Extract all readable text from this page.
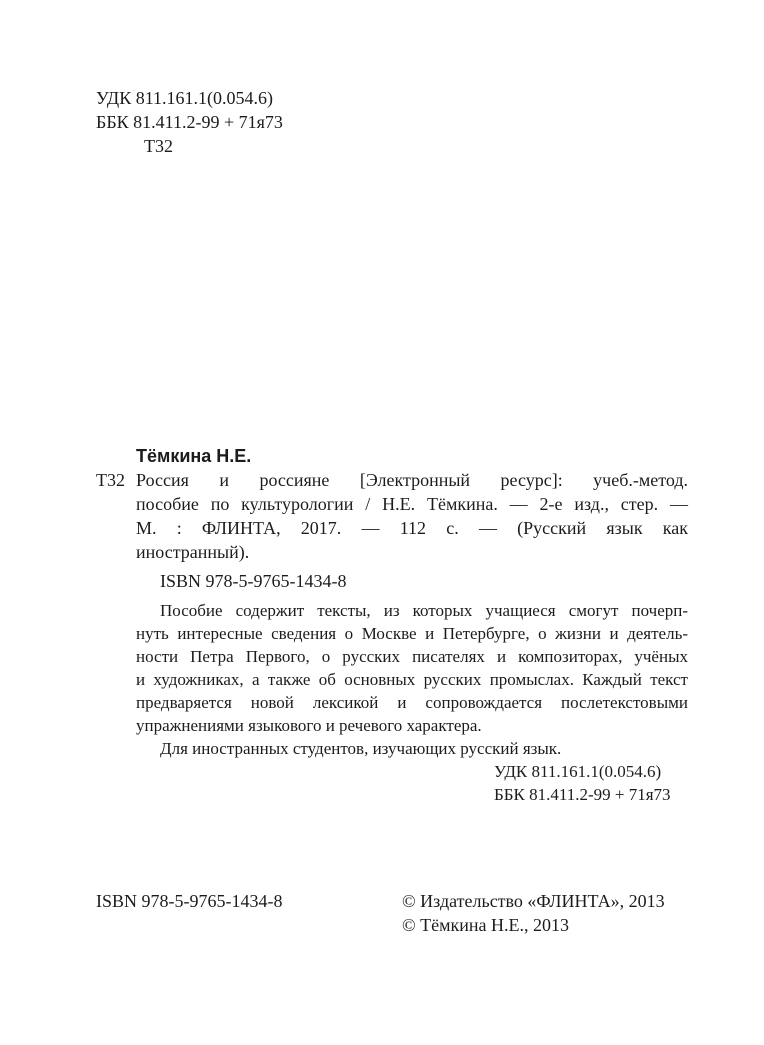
УДК 811.161.1(0.054.6)
ББК 81.411.2-99 + 71я73
Т32
Тёмкина Н.Е.
Т32 Россия и россияне [Электронный ресурс]: учеб.-метод.
пособие по культурологии / Н.Е. Тёмкина. — 2-е изд., стер. —
М. : ФЛИНТА, 2017. — 112 с. — (Русский язык как
иностранный).
ISBN 978-5-9765-1434-8
Пособие содержит тексты, из которых учащиеся смогут почерп-
нуть интересные сведения о Москве и Петербурге, о жизни и деятель-
ности Петра Первого, о русских писателях и композиторах, учёных
и художниках, а также об основных русских промыслах. Каждый текст
предваряется новой лексикой и сопровождается послетекстовыми
упражнениями языкового и речевого характера.
Для иностранных студентов, изучающих русский язык.
УДК 811.161.1(0.054.6)
ББК 81.411.2-99 + 71я73
ISBN 978-5-9765-1434-8	© Издательство «ФЛИНТА», 2013
© Тёмкина Н.Е., 2013
